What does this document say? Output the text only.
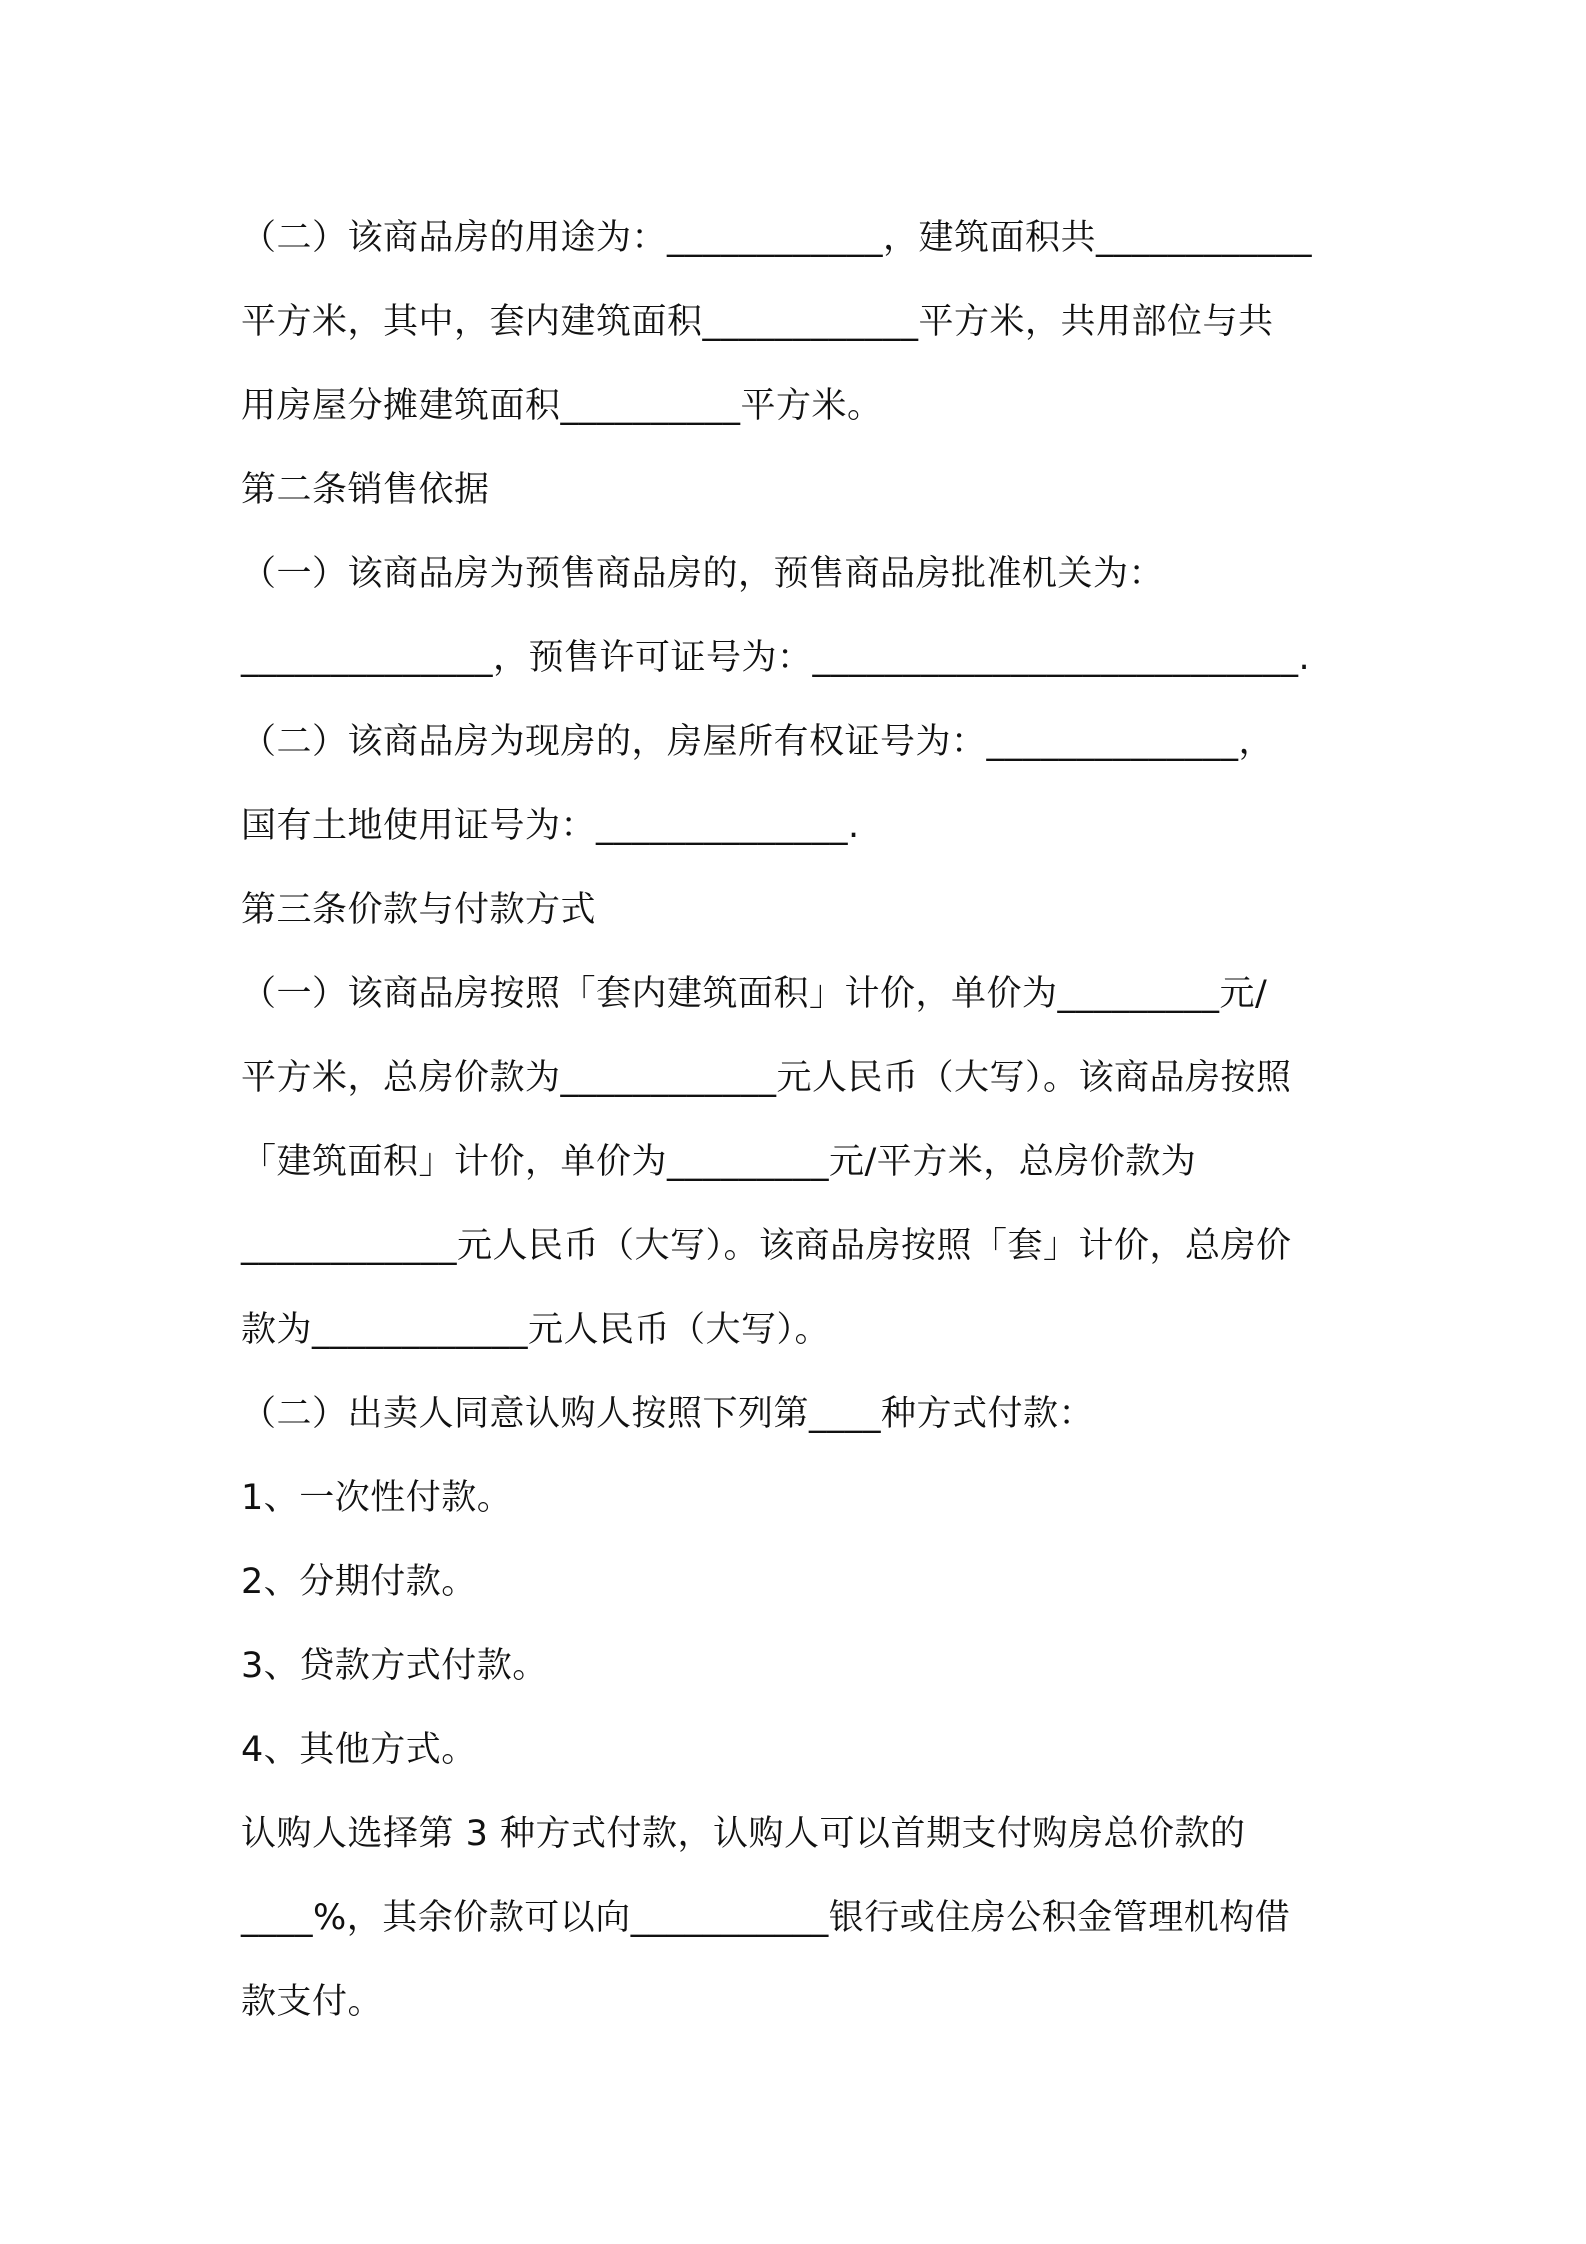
（二）该商品房的用途为：____________，建筑面积共____________
平方米，其中，套内建筑面积____________平方米，共用部位与共
用房屋分摊建筑面积__________平方米。
第二条销售依据
（一）该商品房为预售商品房的，预售商品房批准机关为：
______________，预售许可证号为：___________________________.
（二）该商品房为现房的，房屋所有权证号为：______________，
国有土地使用证号为：______________.
第三条价款与付款方式
（一）该商品房按照「套内建筑面积」计价，单价为_________元/
平方米，总房价款为____________元人民币（大写）。该商品房按照
「建筑面积」计价，单价为_________元/平方米，总房价款为
____________元人民币（大写）。该商品房按照「套」计价，总房价
款为____________元人民币（大写）。
（二）出卖人同意认购人按照下列第____种方式付款：
1、一次性付款。
2、分期付款。
3、贷款方式付款。
4、其他方式。
认购人选择第 3 种方式付款，认购人可以首期支付购房总价款的
____%，其余价款可以向___________银行或住房公积金管理机构借
款支付。
